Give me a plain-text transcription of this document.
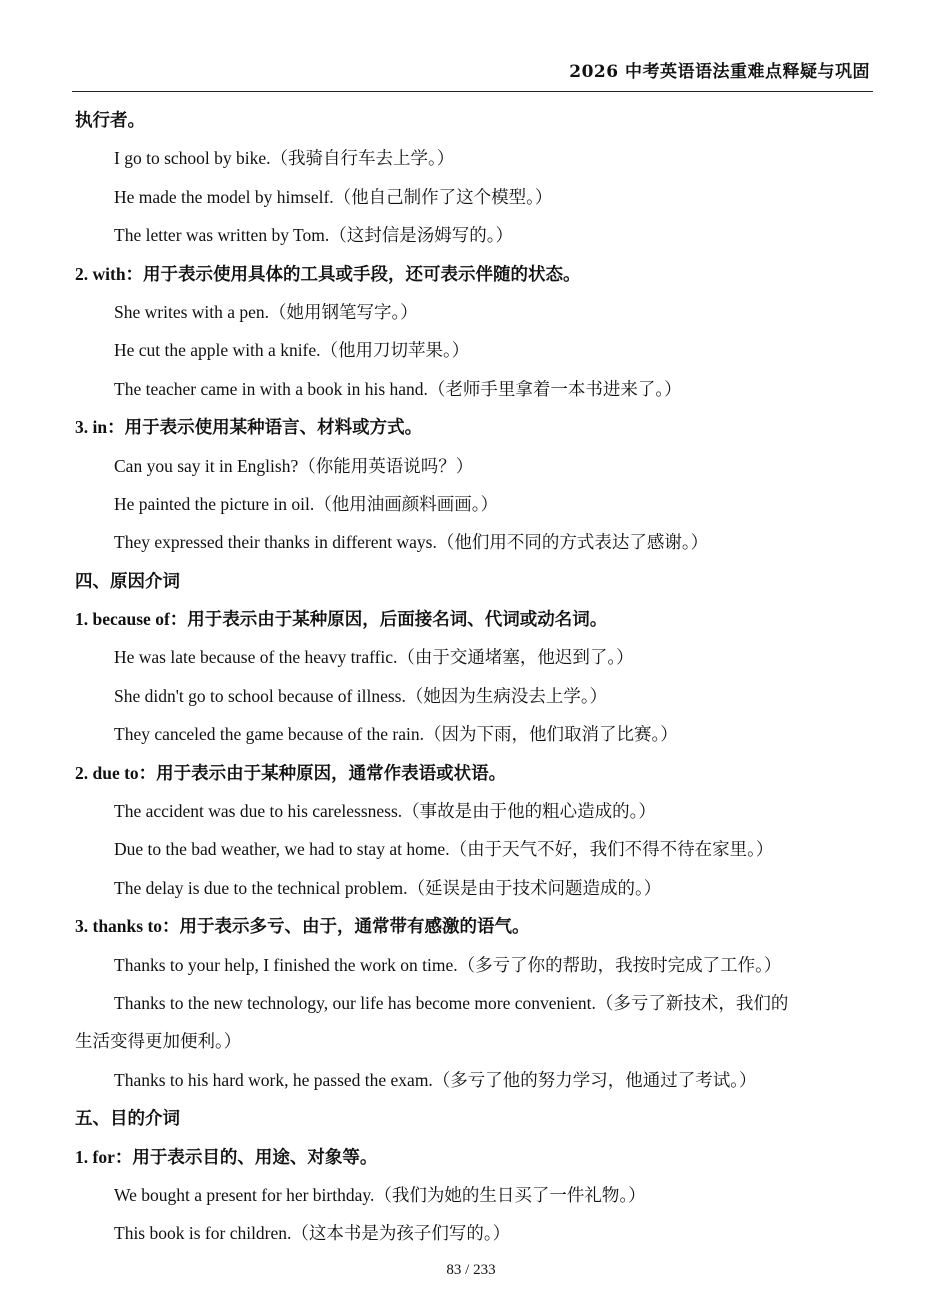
2026 中考英语语法重难点释疑与巩固
执行者。
I go to school by bike.（我骑自行车去上学。）
He made the model by himself.（他自己制作了这个模型。）
The letter was written by Tom.（这封信是汤姆写的。）
2. with：用于表示使用具体的工具或手段，还可表示伴随的状态。
She writes with a pen.（她用钢笔写字。）
He cut the apple with a knife.（他用刀切苹果。）
The teacher came in with a book in his hand.（老师手里拿着一本书进来了。）
3. in：用于表示使用某种语言、材料或方式。
Can you say it in English?（你能用英语说吗？）
He painted the picture in oil.（他用油画颜料画画。）
They expressed their thanks in different ways.（他们用不同的方式表达了感谢。）
四、原因介词
1. because of：用于表示由于某种原因，后面接名词、代词或动名词。
He was late because of the heavy traffic.（由于交通堵塞，他迟到了。）
She didn't go to school because of illness.（她因为生病没去上学。）
They canceled the game because of the rain.（因为下雨，他们取消了比赛。）
2. due to：用于表示由于某种原因，通常作表语或状语。
The accident was due to his carelessness.（事故是由于他的粗心造成的。）
Due to the bad weather, we had to stay at home.（由于天气不好，我们不得不待在家里。）
The delay is due to the technical problem.（延误是由于技术问题造成的。）
3. thanks to：用于表示多亏、由于，通常带有感激的语气。
Thanks to your help, I finished the work on time.（多亏了你的帮助，我按时完成了工作。）
Thanks to the new technology, our life has become more convenient.（多亏了新技术，我们的
生活变得更加便利。）
Thanks to his hard work, he passed the exam.（多亏了他的努力学习，他通过了考试。）
五、目的介词
1. for：用于表示目的、用途、对象等。
We bought a present for her birthday.（我们为她的生日买了一件礼物。）
This book is for children.（这本书是为孩子们写的。）
83 / 233
